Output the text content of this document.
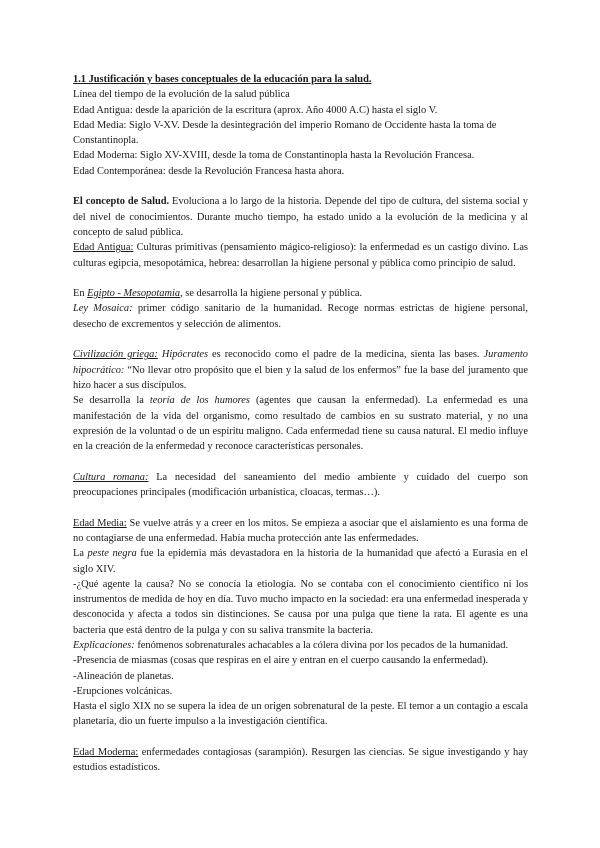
1.1 Justificación y bases conceptuales de la educación para la salud.

Línea del tiempo de la evolución de la salud pública

Edad Antigua: desde la aparición de la escritura (aprox. Año 4000 A.C) hasta el siglo V.

Edad Media: Siglo V-XV. Desde la desintegración del imperio Romano de Occidente hasta la toma de Constantinopla.

Edad Moderna: Siglo XV-XVIII, desde la toma de Constantinopla hasta la Revolución Francesa.

Edad Contemporánea: desde la Revolución Francesa hasta ahora.

El concepto de Salud. Evoluciona a lo largo de la historia. Depende del tipo de cultura, del sistema social y del nivel de conocimientos. Durante mucho tiempo, ha estado unido a la evolución de la medicina y al concepto de salud pública.

Edad Antigua: Culturas primitivas (pensamiento mágico-religioso): la enfermedad es un castigo divino. Las culturas egipcia, mesopotámica, hebrea: desarrollan la higiene personal y pública como principio de salud.

En Egipto - Mesopotamia, se desarrolla la higiene personal y pública.

Ley Mosaica: primer código sanitario de la humanidad. Recoge normas estrictas de higiene personal, desecho de excrementos y selección de alimentos.

Civilización griega: Hipócrates es reconocido como el padre de la medicina, sienta las bases. Juramento hipocrático: “No llevar otro propósito que el bien y la salud de los enfermos” fue la base del juramento que hizo hacer a sus discípulos.

Se desarrolla la teoría de los humores (agentes que causan la enfermedad). La enfermedad es una manifestación de la vida del organismo, como resultado de cambios en su sustrato material, y no una expresión de la voluntad o de un espíritu maligno. Cada enfermedad tiene su causa natural. El medio influye en la creación de la enfermedad y reconoce características personales.

Cultura romana: La necesidad del saneamiento del medio ambiente y cuidado del cuerpo son preocupaciones principales (modificación urbanística, cloacas, termas…).

Edad Media: Se vuelve atrás y a creer en los mitos. Se empieza a asociar que el aislamiento es una forma de no contagiarse de una enfermedad. Había mucha protección ante las enfermedades.

La peste negra fue la epidemia más devastadora en la historia de la humanidad que afectó a Eurasia en el siglo XIV.

-¿Qué agente la causa? No se conocía la etiología. No se contaba con el conocimiento científico ni los instrumentos de medida de hoy en día. Tuvo mucho impacto en la sociedad: era una enfermedad inesperada y desconocida y afecta a todos sin distinciones. Se causa por una pulga que tiene la rata. El agente es una bacteria que está dentro de la pulga y con su saliva transmite la bacteria.

Explicaciones: fenómenos sobrenaturales achacables a la cólera divina por los pecados de la humanidad.

-Presencia de miasmas (cosas que respiras en el aire y entran en el cuerpo causando la enfermedad).

-Alineación de planetas.

-Erupciones volcánicas.

Hasta el siglo XIX no se supera la idea de un origen sobrenatural de la peste. El temor a un contagio a escala planetaria, dio un fuerte impulso a la investigación científica.

Edad Moderna: enfermedades contagiosas (sarampión). Resurgen las ciencias. Se sigue investigando y hay estudios estadísticos.
